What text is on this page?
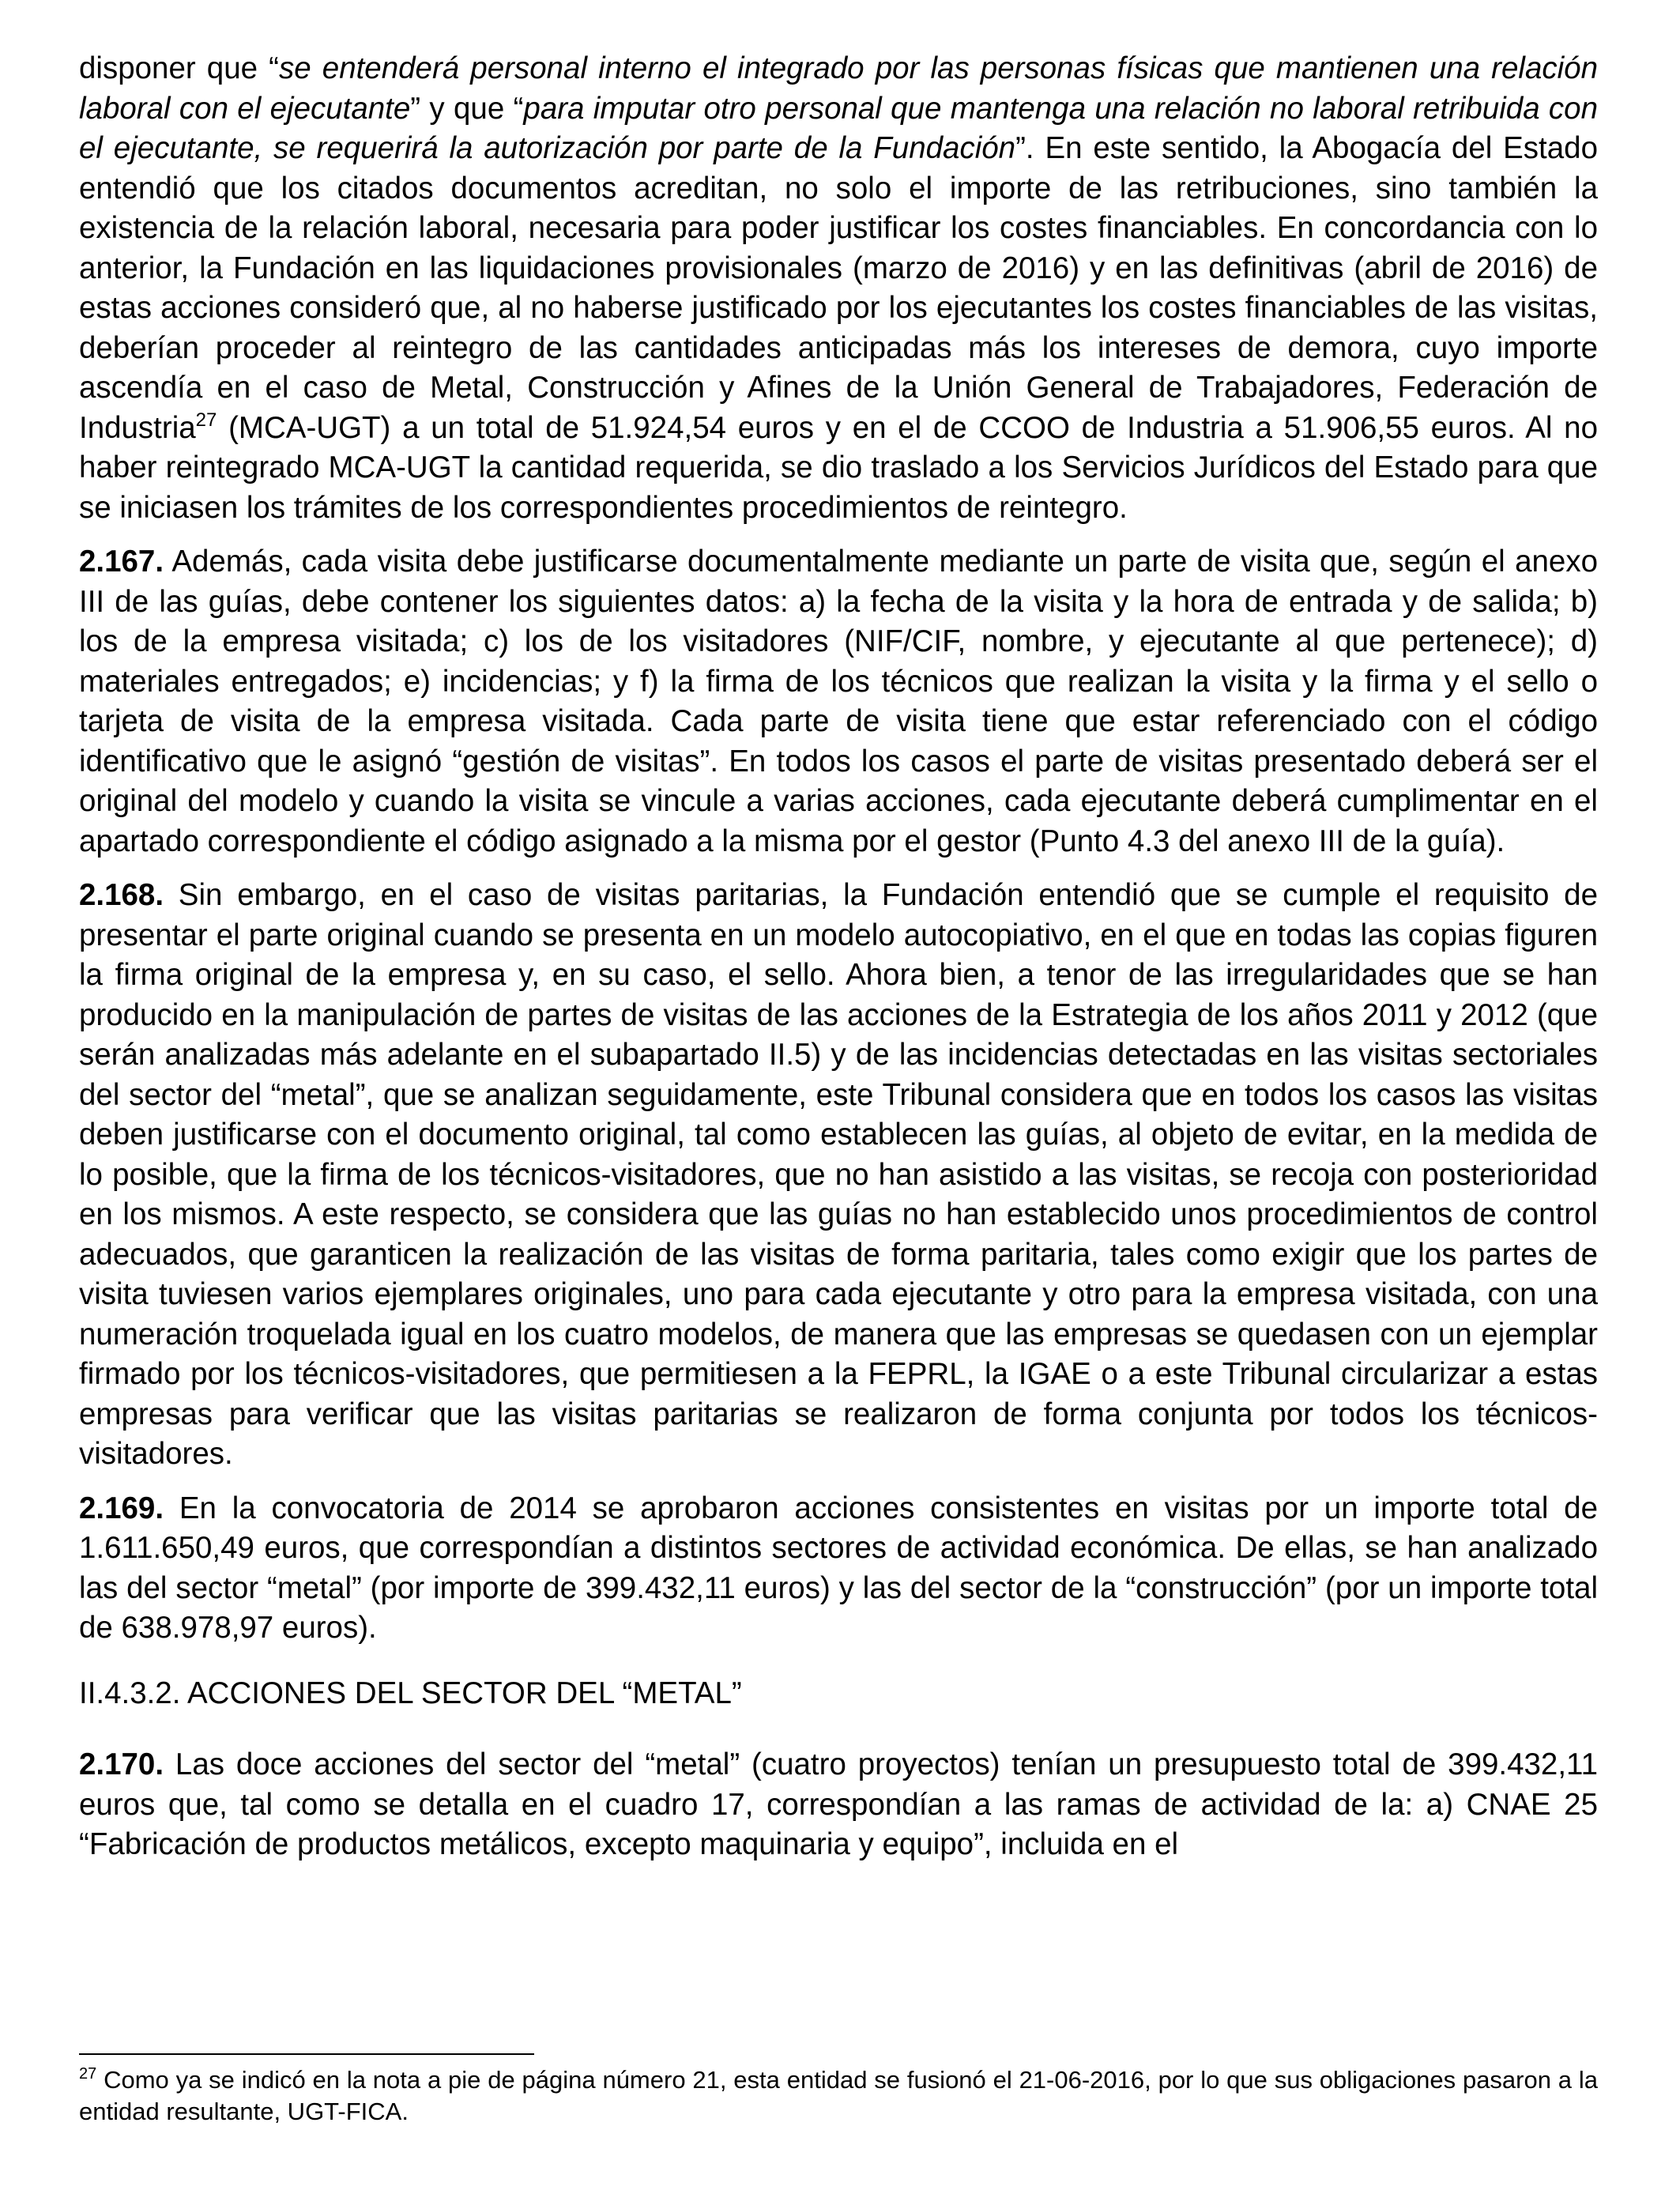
disponer que “se entenderá personal interno el integrado por las personas físicas que mantienen una relación laboral con el ejecutante” y que “para imputar otro personal que mantenga una relación no laboral retribuida con el ejecutante, se requerirá la autorización por parte de la Fundación”. En este sentido, la Abogacía del Estado entendió que los citados documentos acreditan, no solo el importe de las retribuciones, sino también la existencia de la relación laboral, necesaria para poder justificar los costes financiables. En concordancia con lo anterior, la Fundación en las liquidaciones provisionales (marzo de 2016) y en las definitivas (abril de 2016) de estas acciones consideró que, al no haberse justificado por los ejecutantes los costes financiables de las visitas, deberían proceder al reintegro de las cantidades anticipadas más los intereses de demora, cuyo importe ascendía en el caso de Metal, Construcción y Afines de la Unión General de Trabajadores, Federación de Industria$^{27}$ (MCA-UGT) a un total de 51.924,54 euros y en el de CCOO de Industria a 51.906,55 euros. Al no haber reintegrado MCA-UGT la cantidad requerida, se dio traslado a los Servicios Jurídicos del Estado para que se iniciasen los trámites de los correspondientes procedimientos de reintegro.

2.167. Además, cada visita debe justificarse documentalmente mediante un parte de visita que, según el anexo III de las guías, debe contener los siguientes datos: a) la fecha de la visita y la hora de entrada y de salida; b) los de la empresa visitada; c) los de los visitadores (NIF/CIF, nombre, y ejecutante al que pertenece); d) materiales entregados; e) incidencias; y f) la firma de los técnicos que realizan la visita y la firma y el sello o tarjeta de visita de la empresa visitada. Cada parte de visita tiene que estar referenciado con el código identificativo que le asignó “gestión de visitas”. En todos los casos el parte de visitas presentado deberá ser el original del modelo y cuando la visita se vincule a varias acciones, cada ejecutante deberá cumplimentar en el apartado correspondiente el código asignado a la misma por el gestor (Punto 4.3 del anexo III de la guía).

2.168. Sin embargo, en el caso de visitas paritarias, la Fundación entendió que se cumple el requisito de presentar el parte original cuando se presenta en un modelo autocopiativo, en el que en todas las copias figuren la firma original de la empresa y, en su caso, el sello. Ahora bien, a tenor de las irregularidades que se han producido en la manipulación de partes de visitas de las acciones de la Estrategia de los años 2011 y 2012 (que serán analizadas más adelante en el subapartado II.5) y de las incidencias detectadas en las visitas sectoriales del sector del “metal”, que se analizan seguidamente, este Tribunal considera que en todos los casos las visitas deben justificarse con el documento original, tal como establecen las guías, al objeto de evitar, en la medida de lo posible, que la firma de los técnicos-visitadores, que no han asistido a las visitas, se recoja con posterioridad en los mismos. A este respecto, se considera que las guías no han establecido unos procedimientos de control adecuados, que garanticen la realización de las visitas de forma paritaria, tales como exigir que los partes de visita tuviesen varios ejemplares originales, uno para cada ejecutante y otro para la empresa visitada, con una numeración troquelada igual en los cuatro modelos, de manera que las empresas se quedasen con un ejemplar firmado por los técnicos-visitadores, que permitiesen a la FEPRL, la IGAE o a este Tribunal circularizar a estas empresas para verificar que las visitas paritarias se realizaron de forma conjunta por todos los técnicos-visitadores.

2.169. En la convocatoria de 2014 se aprobaron acciones consistentes en visitas por un importe total de 1.611.650,49 euros, que correspondían a distintos sectores de actividad económica. De ellas, se han analizado las del sector “metal” (por importe de 399.432,11 euros) y las del sector de la “construcción” (por un importe total de 638.978,97 euros).

II.4.3.2. ACCIONES DEL SECTOR DEL “METAL”

2.170. Las doce acciones del sector del “metal” (cuatro proyectos) tenían un presupuesto total de 399.432,11 euros que, tal como se detalla en el cuadro 17, correspondían a las ramas de actividad de la: a) CNAE 25 “Fabricación de productos metálicos, excepto maquinaria y equipo”, incluida en el

$^{27}$ Como ya se indicó en la nota a pie de página número 21, esta entidad se fusionó el 21-06-2016, por lo que sus obligaciones pasaron a la entidad resultante, UGT-FICA.
